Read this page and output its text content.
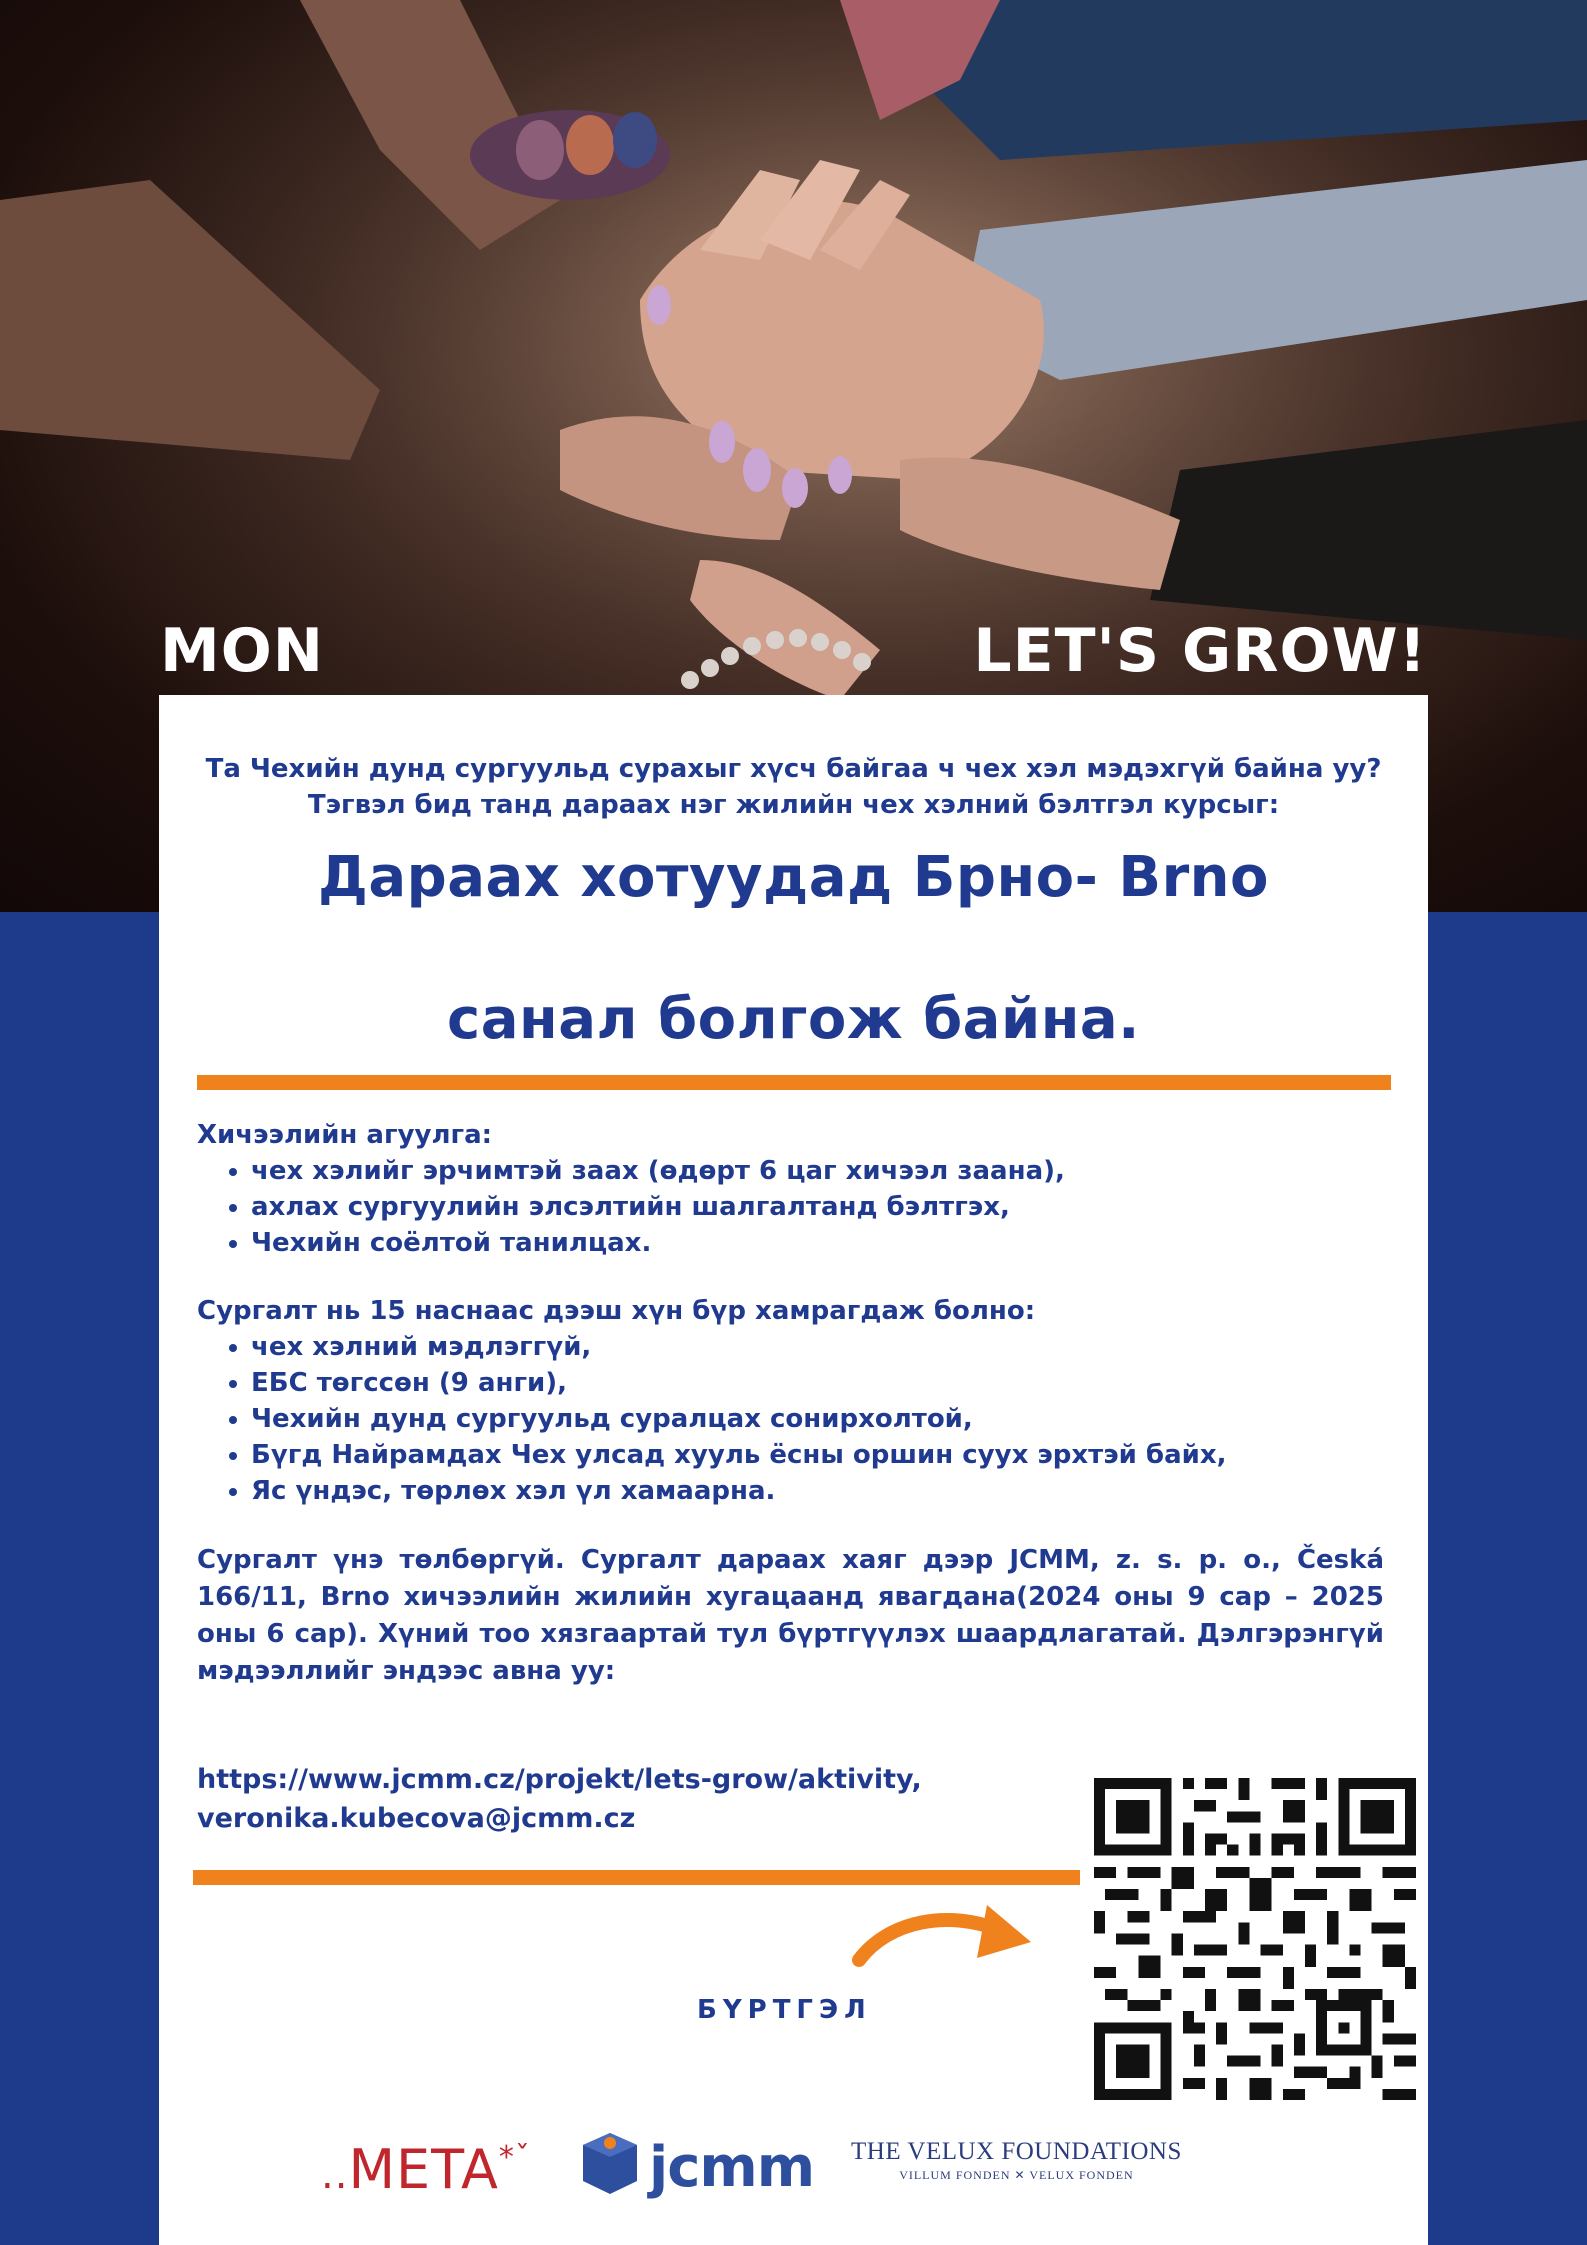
MON	LET'S GROW!
Та Чехийн дунд сургуульд сурахыг хүсч байгаа ч чех хэл мэдэхгүй байна уу?
Тэгвэл бид танд дараах нэг жилийн чех хэлний бэлтгэл курсыг:
Дараах хотуудад Брно- Brno
санал болгож байна.
Хичээлийн агуулга:
• чех хэлийг эрчимтэй заах (өдөрт 6 цаг хичээл заана),
• ахлах сургуулийн элсэлтийн шалгалтанд бэлтгэх,
• Чехийн соёлтой танилцах.
Сургалт нь 15 наснаас дээш хүн бүр хамрагдаж болно:
• чех хэлний мэдлэггүй,
• ЕБС төгссөн (9 анги),
• Чехийн дунд сургуульд суралцах сонирхолтой,
• Бүгд Найрамдах Чех улсад хууль ёсны оршин суух эрхтэй байх,
• Яс үндэс, төрлөх хэл үл хамаарна.
Сургалт үнэ төлбөргүй. Сургалт дараах хаяг дээр JCMM, z. s. p. o., Česká 166/11, Brno хичээлийн жилийн хугацаанд явагдана(2024 оны 9 сар – 2025 оны 6 сар). Хүний тоо хязгаартай тул бүртгүүлэх шаардлагатай. Дэлгэрэнгүй мэдээллийг эндээс авна уу:
https://www.jcmm.cz/projekt/lets-grow/aktivity,
veronika.kubecova@jcmm.cz
БҮРТГЭЛ
$..META^{*ˇ}$ jcmm THE VELUX FOUNDATIONS
VILLUM FONDEN ✕ VELUX FONDEN
